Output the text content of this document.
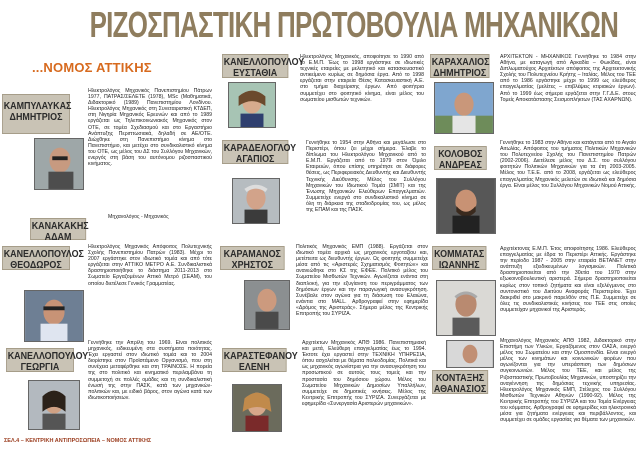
ΡΙΖΟΣΠΑΣΤΙΚΗ ΠΡΩΤΟΒΟΥΛΙΑ ΜΗΧΑΝΙΚΩΝ
...ΝΟΜΟΣ ΑΤΤΙΚΗΣ
ΚΑΜΠΥΛΑΥΚΑΣ ΔΗΜΗΤΡΙΟΣ
Ηλεκτρολόγος Μηχανικός Πανεπιστημίου Πάτρων 1977, ΠΑΤΡΑΣ/ΣΕΛΕΤΕ (1978), MSc (Μαθηματικά, Διδακτορικό (1989) Πανεπιστημίου Λονδίνου. Ηλεκτρολόγος Μηχανικός στη Συνεταιριστική ΚΤΔΕΠ, στη Νιγηρία Μηχανικός Ερευνών και από το 1989 εργάζεται ως Τηλεπικοινωνιακός Μηχανικός στον ΟΤΕ, σε τομέα Σχεδιασμού και στο Εργαστήριο Ανάπτυξης Περιπτωσιακά, δηλαδή σε ΑΕ/ΟΤΕ. Διώχθηκε στη Πανεπιστήμιο κίνημα στο Πανεπιστήμιο, και μετέχει στο συνδικαλιστικό κίνημα του ΟΤΕ, ως μέλος του ΔΣ του Συλλόγου Μηχανικών, ενεργός στη βάση του αυτόνομου ριζοσπαστικού κινήματος.
ΚΑΝΑΚΑΚΗΣ ΑΔΑΜ
Μηχανολόγος - Μηχανικός
ΚΑΝΕΛΛΟΠΟΥΛΟΥ ΕΥΣΤΑΘΙΑ
Ηλεκτρολόγος Μηχανικός, αποφοίτησε το 1990 από το Ε.Μ.Π. Έως το 1998 εργάστηκε σε ιδιωτικές τεχνικές εταιρείες με μελετητικό και κατασκευαστικό αντικείμενο κυρίως σε δημόσια έργα. Από το 1998 εργάζεται στην εταιρεία Θέσις Κατασκευαστική Α.Ε. στο τμήμα διαχείρισης έργων. Από φοιτήτρια συμμετέχει στο φοιτητικό κίνημα, είναι μέλος του σωματείου μισθωτών τεχνικών.
ΚΑΡΑΧΑΛΙΟΣ ΔΗΜΗΤΡΙΟΣ
ΑΡΧΙΤΕΚΤΩΝ - ΜΗΧΑΝΙΚΟΣ Γεννήθηκε το 1984 στην Αθήνα, με καταγωγή από Αρκαδία – Φωκίδας, είναι Διπλωματούχος Αρχιτέκτων απόφοιτος της Αρχιτεκτονικής Σχολής του Πολυτεχνείου Κρήτης – Ιταλίας. Μέλος του ΤΕΕ από το 1986 εργάστηκε μέχρι το 1999 ως ελεύθερος επαγγελματίας (μελέτες – επιβλέψεις κτιριακών έργων). Από το 1999 έως σήμερα εργάζεται στην Γ.Γ.Δ.Ε. στους Τομείς Αποκατάστασης Σεισμοπλήκτων (ΤΑΣ ΑΧΑΡΝΩΝ).
ΚΑΡΑΔΕΛΟΓΛΟΥ ΑΓΑΠΙΟΣ
Γεννήθηκε το 1954 στην Αθήνα και μεγάλωσε στο Περιστέρι, όπου ζει μέχρι σήμερα. Έλαβε το δίπλωμα του Ηλεκτρολόγου Μηχανικού από το Ε.Μ.Π. Εργάζεται από το 1979 στον Όμιλο Εταιρειών, όπου επίσης υπηρέτησε σε διάφορες θέσεις, ως Περιφερειακός Διευθυντής και Διευθυντής Τεχνικής Διεύθυνσης. Μέλος του Συλλόγου Μηχανικών του Ιδιωτικού Τομέα (ΣΜΙΤ) και της Ένωσης Μηχανικών Ελεύθερων Επαγγελματιών. Συμμετείχε ενεργά στο συνδικαλιστικό κίνημα σε όλη τη διάρκεια της σταδιοδρομίας του, ως μέλος της ΕΠΑΜ και της ΠΑΣΚ.
ΚΟΛΟΒΟΣ ΑΝΔΡΕΑΣ
Γεννήθηκε το 1983 στην Αθήνα και κατάγεται από το Αιγαίο Αιτωλίας. Απόφοιτος του τμήματος Πολιτικών Μηχανικών του Πολυτεχνείου Σχολής του Πανεπιστημίου Πατρών (2002-2006). Διετέλεσε μέλος του Δ.Σ. του συλλόγου φοιτητών Πολιτικών Μηχανικών για τα έτη 2003-2005. Μέλος του Τ.Ε.Ε. από το 2008, εργάζεται ως ελεύθερος επαγγελματίας Μηχανικός μελετών σε ιδιωτικά και δημόσια έργα. Είναι μέλος του Συλλόγου Μηχανικών Νομού Αττικής.
ΚΑΝΕΛΛΟΠΟΥΛΟΣ ΘΕΟΔΩΡΟΣ
Ηλεκτρολόγος Μηχανικός Απόφοιτος Πολυτεχνικής Σχολής Πανεπιστημίου Πατρών (1983). Μέχρι το 2007 εργάστηκε στον ιδιωτικό τομέα και από τότε εργάζεται στην ΑΤΤΙΚΟ ΜΕΤΡΟ Α.Ε. Συνδικαλιστικά δραστηριοποιήθηκε το διάστημα 2011-2013 στο Σωματείο Εργαζομένων Αττικό Μετρό (ΣΕΑΜ), του οποίου διετέλεσε Γενικός Γραμματέας.
ΚΑΡΑΜΑΝΟΣ ΧΡΗΣΤΟΣ
Πολιτικός Μηχανικός ΕΜΠ (1988). Εργάζεται στον ιδιωτικό τομέα αρχικά ως μηχανικός εργοταξίου και, μετέπειτα ως διευθυντής έργων. Ως φοιτητής συμμετείχε μέσα από τις «Αριστερές Σχηματισμός Φοιτητών» και ανανεώθηκε στο ΚΣ της ΕΦΕΕ. Πολιτικό μέλος του Σωματείου Μισθωτών Τεχνικών. Αγωνίζεται ενάντια στη διαπλοκή, για την εξυγίανση του περιγράμματος των δημόσιων έργων και την παραγωγική ανασυγκρότηση. Συνέβαλε στον αγώνα για τη διάσωση του Ελαιώνα, ενάντια στο MALL. Αρθρογραφεί στην εφημερίδα «Δρόμος της Αριστεράς». Σήμερα μέλος της Κεντρικής Επιτροπής του ΣΥΡΙΖΑ.
ΚΟΜΜΑΤΑΣ ΙΩΑΝΝΗΣ
Αρχιτέκτονας Ε.Μ.Π. Έτος αποφοίτησης 1986. Ελεύθερος επαγγελματίας με έδρα το Περιστέρι Αττικής. Εργάστηκε την περίοδο 1987 - 2005 στην εταιρεία ΒΕΤΑΝΕΤ στην ανάπτυξη εξειδικευμένων λογισμικών. Πολιτικά δραστηριοποιείται από την 30ετία του 1970 στην εξωκοινοβουλευτική αριστερά. Σήμερα δραστηριοποιείται κυρίως στον τοπικό ζητήματα και είναι εξελέγμενος στο συντονιστικό του Δικτύου Αναφοράς Περιστερίου. Έχει διακριθεί στο μακρινό παρελθόν στις Π.Ε. Συμμετείχε σε όλες τις συνδικαλιστικές κινήσεις του ΤΕΕ στις οποίες συμμετείχαν μηχανικοί της Αριστεράς.
ΚΑΝΕΛΛΟΠΟΥΛΟΥ ΓΕΩΡΓΙΑ
Γεννήθηκε την Απρίλη του 1969. Είναι πολιτικός μηχανικός, ειδικευμένη στα συστήματα ποιότητας. Έχει εργαστεί στον ιδιωτικό τομέα και το 2004 διορίστηκε στον Προϊστάμενο Οργανισμό, που στη συνέχεια μεταφέρθηκε και στη ΤΡΑΙΝΟΣΕ. Η πορεία της στο πολιτικό και κινηματικό περιλαμβάνει τη συμμετοχή σε πολλές ομάδες και τη συνδικαλιστική ένωσή της στην ΠΑΣΚ, κατά των μηχανικών-πολιτικών και, με ειδικό βάρος, στον αγώνα κατά των ιδιωτικοποιήσεων.
ΚΑΡΑΣΤΕΦΑΝΟΥ ΕΛΕΝΗ
Αρχιτέκτων Μηχανικός ΑΠΘ 1986. Πανεπιστημιακή και μετά, Ελεύθερη επαγγελματίας έως το 1994. Έκτοτε έχει εργαστεί στην ΤΕΧΝΙΚΗ ΥΠΗΡΕΣΙΑ, όπου ασχολείται με θέματα πολεοδομίας. Πολιτικά και ως μηχανικός αγωνίστρια για την ανασυγκρότηση του προσωπικού σε αυτούς τους τομείς και την προστασία του δημόσιου χώρου. Μέλος του Σωματείου Μηχανικών Δημοσίων Υπαλλήλων, συμμετείχε σε δημοτικές κινήσεις. Μέλος της Κεντρικής Επιτροπής του ΣΥΡΙΖΑ. Συνεργάζεται με εφημερίδα «Συνεργασία Αριστερών μηχανικών».
ΚΟΝΤΑΞΗΣ ΑΘΑΝΑΣΙΟΣ
Μηχανολόγος Μηχανικός ΑΠΘ 1982, Διδακτορικό στην Επιστήμη των Υλικών, Εργαζόμενος στον ΟΑΣΑ, ενεργό μέλος του Σωματείου και στην Ομοσπονδία. Είναι ενεργό μέλος των κινημάτων και κοινωνικών φορέων που αγωνίζονται για την υπεράσπιση των δημόσιων συγκοινωνιών. Μέλος του ΤΕΕ, και μέλος της Ριζοσπαστικής Πρωτοβουλίας Μηχανικών, υποστηρίζει την αναγέννηση της δημόσιας τεχνικής υπηρεσίας. Ηλεκτρολόγος Μηχανικός ΕΜΠ, Στέλεχος του Συλλόγου Μισθωτών Τεχνικών Αθηνών (1990-92). Μέλος της Κεντρικής Επιτροπής του ΣΥΡΙΖΑ και του Τομέα Ενέργειας του κόμματος. Αρθρογραφεί σε εφημερίδες και ηλεκτρονικά μέσα για ζητήματα ενέργειας και περιβάλλοντος, και συμμετέχει σε ομάδες εργασίας για θέματα των μηχανικών.
ΣΕΛ.4 – ΚΕΝΤΡΙΚΗ ΑΝΤΙΠΡΟΣΩΠΕΙΑ – ΝΟΜΟΣ ΑΤΤΙΚΗΣ
